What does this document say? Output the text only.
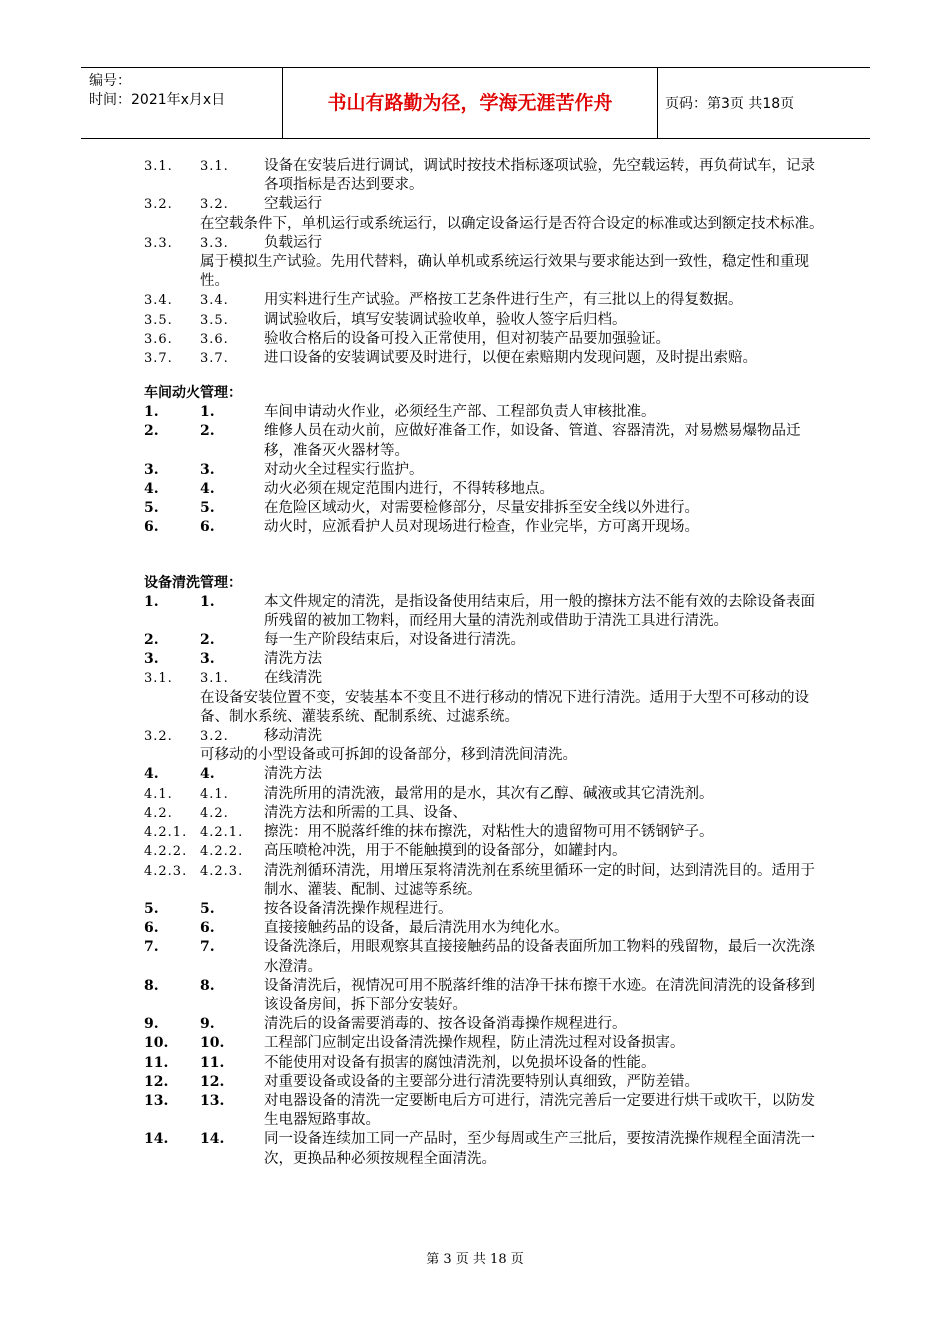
编号：
时间：2021年x月x日	书山有路勤为径，学海无涯苦作舟	页码：第3页 共18页
3.1.	3.1.	设备在安装后进行调试，调试时按技术指标逐项试验，先空载运转，再负荷试车，记录各项指标是否达到要求。
3.2.	3.2.	空载运行
在空载条件下，单机运行或系统运行，以确定设备运行是否符合设定的标准或达到额定技术标准。
3.3.	3.3.	负载运行
属于模拟生产试验。先用代替料，确认单机或系统运行效果与要求能达到一致性，稳定性和重现性。
3.4.	3.4.	用实料进行生产试验。严格按工艺条件进行生产，有三批以上的得复数据。
3.5.	3.5.	调试验收后，填写安装调试验收单，验收人签字后归档。
3.6.	3.6.	验收合格后的设备可投入正常使用，但对初装产品要加强验证。
3.7.	3.7.	进口设备的安装调试要及时进行，以便在索赔期内发现问题，及时提出索赔。
车间动火管理：
1.	1.	车间申请动火作业，必须经生产部、工程部负责人审核批准。
2.	2.	维修人员在动火前，应做好准备工作，如设备、管道、容器清洗，对易燃易爆物品迁移，准备灭火器材等。
3.	3.	对动火全过程实行监护。
4.	4.	动火必须在规定范围内进行，不得转移地点。
5.	5.	在危险区域动火，对需要检修部分，尽量安排拆至安全线以外进行。
6.	6.	动火时，应派看护人员对现场进行检查，作业完毕，方可离开现场。
设备清洗管理：
1.	1.	本文件规定的清洗，是指设备使用结束后，用一般的擦抹方法不能有效的去除设备表面所残留的被加工物料，而经用大量的清洗剂或借助于清洗工具进行清洗。
2.	2.	每一生产阶段结束后，对设备进行清洗。
3.	3.	清洗方法
3.1.	3.1.	在线清洗
在设备安装位置不变，安装基本不变且不进行移动的情况下进行清洗。适用于大型不可移动的设备、制水系统、灌装系统、配制系统、过滤系统。
3.2.	3.2.	移动清洗
可移动的小型设备或可拆卸的设备部分，移到清洗间清洗。
4.	4.	清洗方法
4.1.	4.1.	清洗所用的清洗液，最常用的是水，其次有乙醇、碱液或其它清洗剂。
4.2.	4.2.	清洗方法和所需的工具、设备、
4.2.1. 4.2.1.	擦洗：用不脱落纤维的抹布擦洗，对粘性大的遗留物可用不锈钢铲子。
4.2.2. 4.2.2.	高压喷枪冲洗，用于不能触摸到的设备部分，如罐封内。
4.2.3. 4.2.3.	清洗剂循环清洗，用增压泵将清洗剂在系统里循环一定的时间，达到清洗目的。适用于制水、灌装、配制、过滤等系统。
5.	5.	按各设备清洗操作规程进行。
6.	6.	直接接触药品的设备，最后清洗用水为纯化水。
7.	7.	设备洗涤后，用眼观察其直接接触药品的设备表面所加工物料的残留物，最后一次洗涤水澄清。
8.	8.	设备清洗后，视情况可用不脱落纤维的洁净干抹布擦干水迹。在清洗间清洗的设备移到该设备房间，拆下部分安装好。
9.	9.	清洗后的设备需要消毒的、按各设备消毒操作规程进行。
10.	10.	工程部门应制定出设备清洗操作规程，防止清洗过程对设备损害。
11.	11.	不能使用对设备有损害的腐蚀清洗剂，以免损坏设备的性能。
12.	12.	对重要设备或设备的主要部分进行清洗要特别认真细致，严防差错。
13.	13.	对电器设备的清洗一定要断电后方可进行，清洗完善后一定要进行烘干或吹干，以防发生电器短路事故。
14.	14.	同一设备连续加工同一产品时，至少每周或生产三批后，要按清洗操作规程全面清洗一次，更换品种必须按规程全面清洗。
第 3 页 共 18 页
